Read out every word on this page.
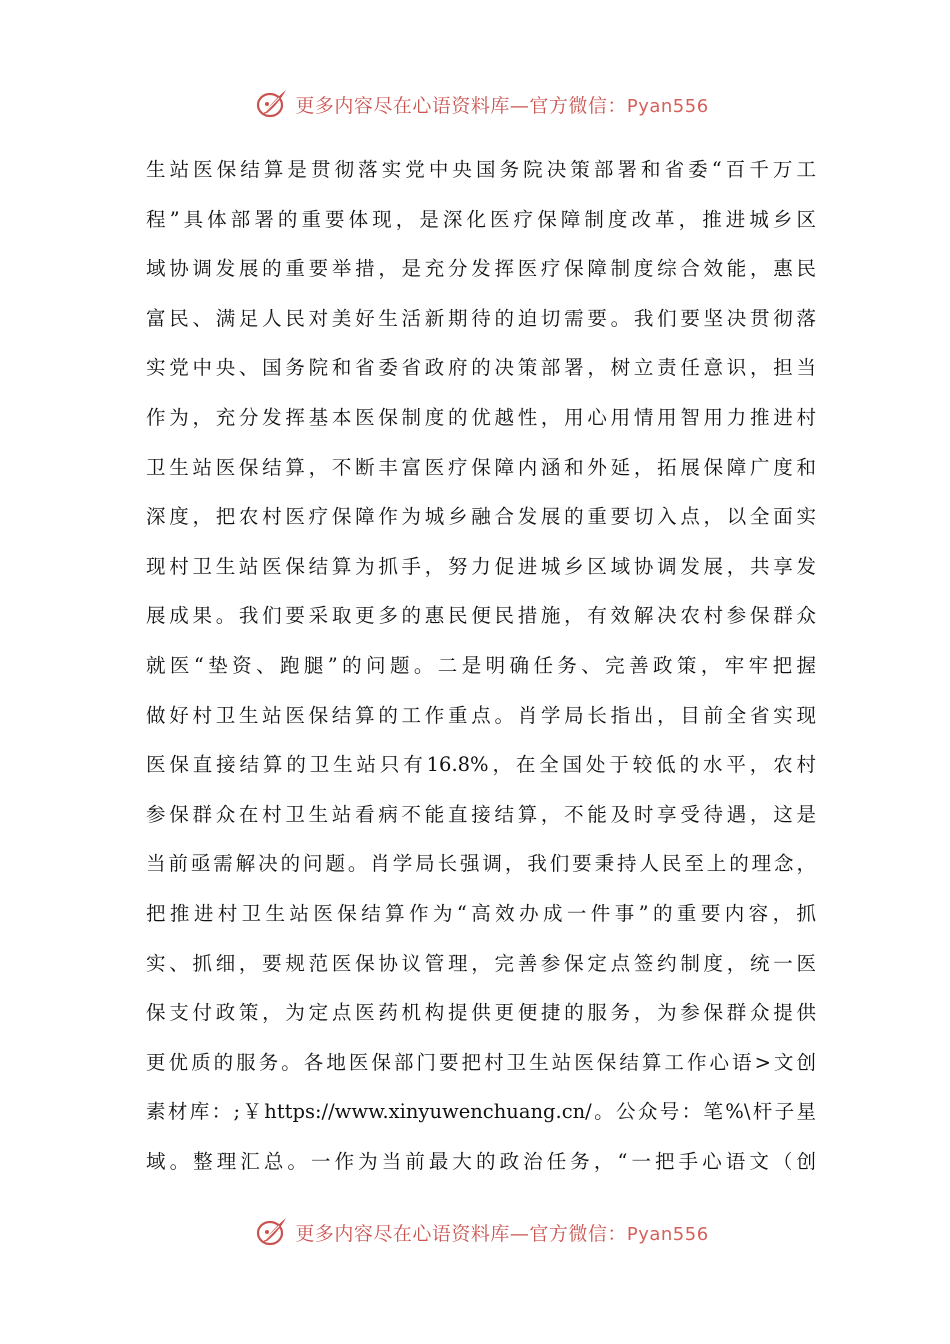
更多内容尽在心语资料库—官方微信：Pyan556
生站医保结算是贯彻落实党中央国务院决策部署和省委“百千万工
程”具体部署的重要体现，是深化医疗保障制度改革，推进城乡区
域协调发展的重要举措，是充分发挥医疗保障制度综合效能，惠民
富民、满足人民对美好生活新期待的迫切需要。我们要坚决贯彻落
实党中央、国务院和省委省政府的决策部署，树立责任意识，担当
作为，充分发挥基本医保制度的优越性，用心用情用智用力推进村
卫生站医保结算，不断丰富医疗保障内涵和外延，拓展保障广度和
深度，把农村医疗保障作为城乡融合发展的重要切入点，以全面实
现村卫生站医保结算为抓手，努力促进城乡区域协调发展，共享发
展成果。我们要采取更多的惠民便民措施，有效解决农村参保群众
就医“垫资、跑腿”的问题。二是明确任务、完善政策，牢牢把握
做好村卫生站医保结算的工作重点。肖学局长指出，目前全省实现
医保直接结算的卫生站只有16.8%，在全国处于较低的水平，农村
参保群众在村卫生站看病不能直接结算，不能及时享受待遇，这是
当前亟需解决的问题。肖学局长强调，我们要秉持人民至上的理念，
把推进村卫生站医保结算作为“高效办成一件事”的重要内容，抓
实、抓细，要规范医保协议管理，完善参保定点签约制度，统一医
保支付政策，为定点医药机构提供更便捷的服务，为参保群众提供
更优质的服务。各地医保部门要把村卫生站医保结算工作心语>文创
素材库：;￥https://www.xinyuwenchuang.cn/。公众号：笔%\杆子星
域。整理汇总。一作为当前最大的政治任务，“一把手心语文（创
更多内容尽在心语资料库—官方微信：Pyan556
